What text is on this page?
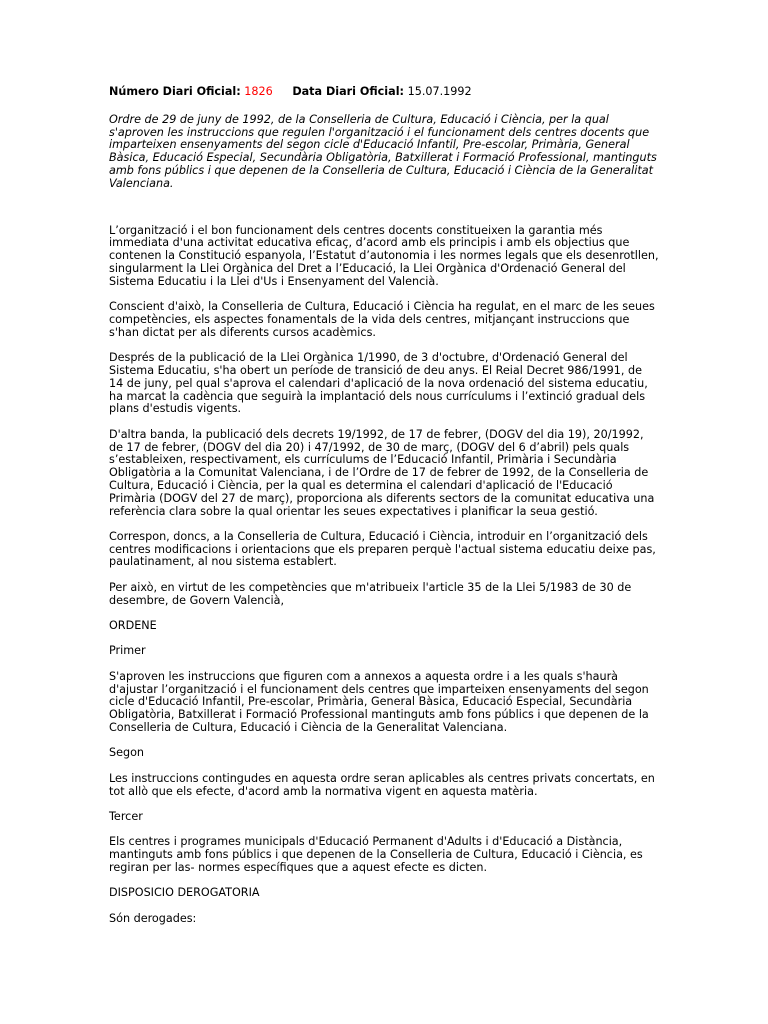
Número Diari Oficial: 1826 Data Diari Oficial: 15.07.1992
Ordre de 29 de juny de 1992, de la Conselleria de Cultura, Educació i Ciència, per la qual s'aproven les instruccions que regulen l'organització i el funcionament dels centres docents que imparteixen ensenyaments del segon cicle d'Educació Infantil, Pre-escolar, Primària, General Bàsica, Educació Especial, Secundària Obligatòria, Batxillerat i Formació Professional, mantinguts amb fons públics i que depenen de la Conselleria de Cultura, Educació i Ciència de la Generalitat Valenciana.

L’organització i el bon funcionament dels centres docents constitueixen la garantia més immediata d'una activitat educativa eficaç, d’acord amb els principis i amb els objectius que contenen la Constitució espanyola, l’Estatut d’autonomia i les normes legals que els desenrotllen, singularment la Llei Orgànica del Dret a l’Educació, la Llei Orgànica d'Ordenació General del Sistema Educatiu i la Llei d'Us i Ensenyament del Valencià.

Conscient d'això, la Conselleria de Cultura, Educació i Ciència ha regulat, en el marc de les seues competències, els aspectes fonamentals de la vida dels centres, mitjançant instruccions que s'han dictat per als diferents cursos acadèmics.

Després de la publicació de la Llei Orgànica 1/1990, de 3 d'octubre, d'Ordenació General del Sistema Educatiu, s'ha obert un període de transició de deu anys. El Reial Decret 986/1991, de 14 de juny, pel qual s'aprova el calendari d'aplicació de la nova ordenació del sistema educatiu, ha marcat la cadència que seguirà la implantació dels nous currículums i l’extinció gradual dels plans d'estudis vigents.

D'altra banda, la publicació dels decrets 19/1992, de 17 de febrer, (DOGV del dia 19), 20/1992, de 17 de febrer, (DOGV del dia 20) i 47/1992, de 30 de març, (DOGV del 6 d’abril) pels quals s’estableixen, respectivament, els currículums de l’Educació Infantil, Primària i Secundària Obligatòria a la Comunitat Valenciana, i de l’Ordre de 17 de febrer de 1992, de la Conselleria de Cultura, Educació i Ciència, per la qual es determina el calendari d'aplicació de l'Educació Primària (DOGV del 27 de març), proporciona als diferents sectors de la comunitat educativa una referència clara sobre la qual orientar les seues expectatives i planificar la seua gestió.

Correspon, doncs, a la Conselleria de Cultura, Educació i Ciència, introduir en l’organització dels centres modificacions i orientacions que els preparen perquè l'actual sistema educatiu deixe pas, paulatinament, al nou sistema establert.

Per això, en virtut de les competències que m'atribueix l'article 35 de la Llei 5/1983 de 30 de desembre, de Govern Valencià,

ORDENE
Primer

S'aproven les instruccions que figuren com a annexos a aquesta ordre i a les quals s'haurà d'ajustar l’organització i el funcionament dels centres que imparteixen ensenyaments del segon cicle d'Educació Infantil, Pre-escolar, Primària, General Bàsica, Educació Especial, Secundària Obligatòria, Batxillerat i Formació Professional mantinguts amb fons públics i que depenen de la Conselleria de Cultura, Educació i Ciència de la Generalitat Valenciana.

Segon

Les instruccions contingudes en aquesta ordre seran aplicables als centres privats concertats, en tot allò que els efecte, d'acord amb la normativa vigent en aquesta matèria.

Tercer

Els centres i programes municipals d'Educació Permanent d'Adults i d'Educació a Distància, mantinguts amb fons públics i que depenen de la Conselleria de Cultura, Educació i Ciència, es regiran per las- normes específiques que a aquest efecte es dicten.

DISPOSICIO DEROGATORIA

Són derogades:
